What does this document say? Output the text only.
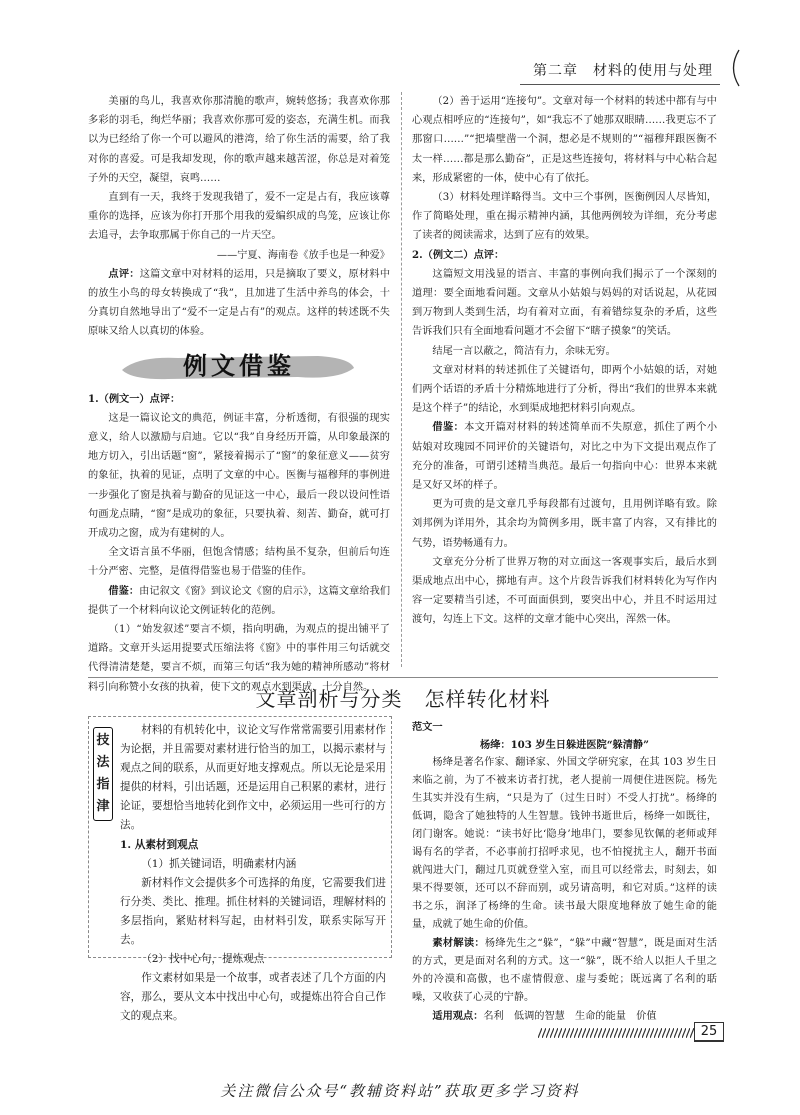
第二章　材料的使用与处理

美丽的鸟儿，我喜欢你那清脆的歌声，婉转悠扬；我喜欢你那多彩的羽毛，绚烂华丽；我喜欢你那可爱的姿态，充满生机。而我以为已经给了你一个可以避风的港湾，给了你生活的需要，给了我对你的喜爱。可是我却发现，你的歌声越来越苦涩，你总是对着笼子外的天空，凝望，哀鸣……

直到有一天，我终于发现我错了，爱不一定是占有，我应该尊重你的选择，应该为你打开那个用我的爱编织成的鸟笼，应该让你去追寻，去争取那属于你自己的一片天空。

——宁夏、海南卷《放手也是一种爱》

点评：这篇文章中对材料的运用，只是摘取了要义，原材料中的放生小鸟的母女转换成了“我”，且加进了生活中养鸟的体会，十分真切自然地导出了“爱不一定是占有”的观点。这样的转述既不失原味又给人以真切的体验。

例文借鉴

1.（例文一）点评：

这是一篇议论文的典范，例证丰富，分析透彻，有很强的现实意义，给人以激励与启迪。它以“我”自身经历开篇，从印象最深的地方切入，引出话题“窗”，紧接着揭示了“窗”的象征意义——贫穷的象征，执着的见证，点明了文章的中心。医衡与福穆拜的事例进一步强化了窗是执着与勤奋的见证这一中心，最后一段以设问性语句画龙点睛，“窗”是成功的象征，只要执着、刻苦、勤奋，就可打开成功之窗，成为有建树的人。

全文语言虽不华丽，但饱含情感；结构虽不复杂，但前后句连十分严密、完整，是值得借鉴也易于借鉴的佳作。

借鉴：由记叙文《窗》到议论文《窗的启示》，这篇文章给我们提供了一个材料向议论文例证转化的范例。

（1）“始发叙述”要言不烦，指向明确，为观点的提出铺平了道路。文章开头运用提要式压缩法将《窗》中的事件用三句话就交代得清清楚楚，要言不烦，而第三句话“我为她的精神所感动”将材料引向称赞小女孩的执着，使下文的观点水到渠成，十分自然。

（2）善于运用“连接句”。文章对每一个材料的转述中都有与中心观点相呼应的“连接句”，如“我忘不了她那双眼睛……我更忘不了那窗口……”“把墙壁凿一个洞，想必是不规则的”“福穆拜跟医衡不太一样……都是那么勤奋”，正是这些连接句，将材料与中心粘合起来，形成紧密的一体，使中心有了依托。

（3）材料处理详略得当。文中三个事例，医衡例因人尽皆知，作了简略处理，重在揭示精神内涵，其他两例较为详细，充分考虑了读者的阅读需求，达到了应有的效果。

2.（例文二）点评：

这篇短文用浅显的语言、丰富的事例向我们揭示了一个深刻的道理：要全面地看问题。文章从小姑娘与妈妈的对话说起，从花园到万物到人类到生活，均有着对立面，有着错综复杂的矛盾，这些告诉我们只有全面地看问题才不会留下“瞎子摸象”的笑话。

结尾一言以蔽之，简洁有力，余味无穷。

文章对材料的转述抓住了关键语句，即两个小姑娘的话，对她们两个话语的矛盾十分精炼地进行了分析，得出“我们的世界本来就是这个样子”的结论，水到渠成地把材料引向观点。

借鉴：本文开篇对材料的转述简单而不失原意，抓住了两个小姑娘对玫瑰园不同评价的关键语句，对比之中为下文提出观点作了充分的准备，可谓引述精当典范。最后一句指向中心：世界本来就是又好又坏的样子。

更为可贵的是文章几乎每段都有过渡句，且用例详略有致。除刘邦例为详用外，其余均为简例多用，既丰富了内容，又有排比的气势，语势畅通有力。

文章充分分析了世界万物的对立面这一客观事实后，最后水到渠成地点出中心，掷地有声。这个片段告诉我们材料转化为写作内容一定要精当引述，不可面面俱到，要突出中心，并且不时运用过渡句，勾连上下文。这样的文章才能中心突出，浑然一体。

文章剖析与分类 怎样转化材料
技
法
指
津

材料的有机转化中，议论文写作常常需要引用素材作为论据，并且需要对素材进行恰当的加工，以揭示素材与观点之间的联系，从而更好地支撑观点。所以无论是采用提供的材料，引出话题，还是运用自己积累的素材，进行论证，要想恰当地转化到作文中，必须运用一些可行的方法。

1. 从素材到观点

（1）抓关键词语，明确素材内涵

新材料作文会提供多个可选择的角度，它需要我们进行分类、类比、推理。抓住材料的关键词语，理解材料的多层指向，紧贴材料写起，由材料引发，联系实际写开去。

（2）找中心句，提炼观点

作文素材如果是一个故事，或者表述了几个方面的内容，那么，要从文本中找出中心句，或提炼出符合自己作文的观点来。

范文一

杨绛：103 岁生日躲进医院“躲清静”

杨绛是著名作家、翻译家、外国文学研究家，在其 103 岁生日来临之前，为了不被来访者打扰，老人提前一周便住进医院。杨先生其实并没有生病，“只是为了（过生日时）不受人打扰”。杨绛的低调，隐含了她独特的人生智慧。钱钟书逝世后，杨绛一如既往，闭门谢客。她说：“读书好比‘隐身’地串门，要参见钦佩的老师或拜谒有名的学者，不必事前打招呼求见，也不怕搅扰主人，翻开书面就闯进大门，翻过几页就登堂入室，而且可以经常去，时刻去，如果不得要领，还可以不辞而别，或另请高明，和它对质。”这样的读书之乐，润泽了杨绛的生命。读书最大限度地释放了她生命的能量，成就了她生命的价值。

素材解读：杨绛先生之“躲”，“躲”中藏“智慧”，既是面对生活的方式，更是面对名利的方式。这一“躲”，既不给人以拒人千里之外的冷漠和高傲，也不虚情假意、虚与委蛇；既远离了名利的聒噪，又收获了心灵的宁静。

适用观点：名利　低调的智慧　生命的能量　价值

25
关注微信公众号“教辅资料站”获取更多学习资料
